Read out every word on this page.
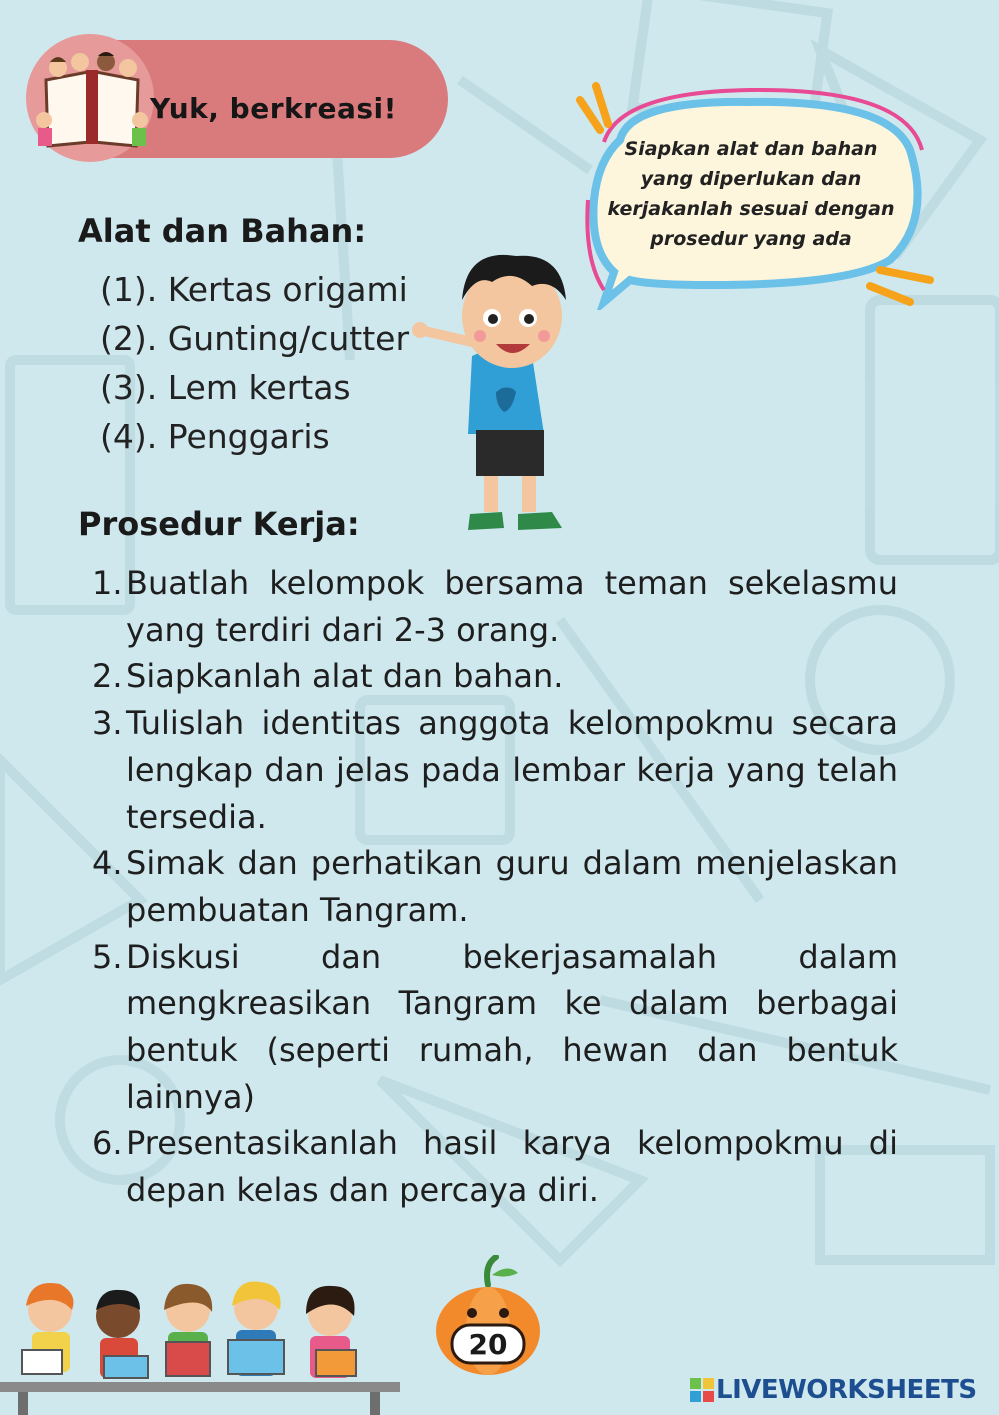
Yuk, berkreasi!
Siapkan alat dan bahan yang diperlukan dan kerjakanlah sesuai dengan prosedur yang ada
Alat dan Bahan:
(1). Kertas origami
(2). Gunting/cutter
(3). Lem kertas
(4). Penggaris
Prosedur Kerja:
1. Buatlah kelompok bersama teman sekelasmu yang terdiri dari 2-3 orang.
2. Siapkanlah alat dan bahan.
3. Tulislah identitas anggota kelompokmu secara lengkap dan jelas pada lembar kerja yang telah tersedia.
4. Simak dan perhatikan guru dalam menjelaskan pembuatan Tangram.
5. Diskusi dan bekerjasamalah dalam mengkreasikan Tangram ke dalam berbagai bentuk (seperti rumah, hewan dan bentuk lainnya)
6. Presentasikanlah hasil karya kelompokmu di depan kelas dan percaya diri.
20
LIVEWORKSHEETS
